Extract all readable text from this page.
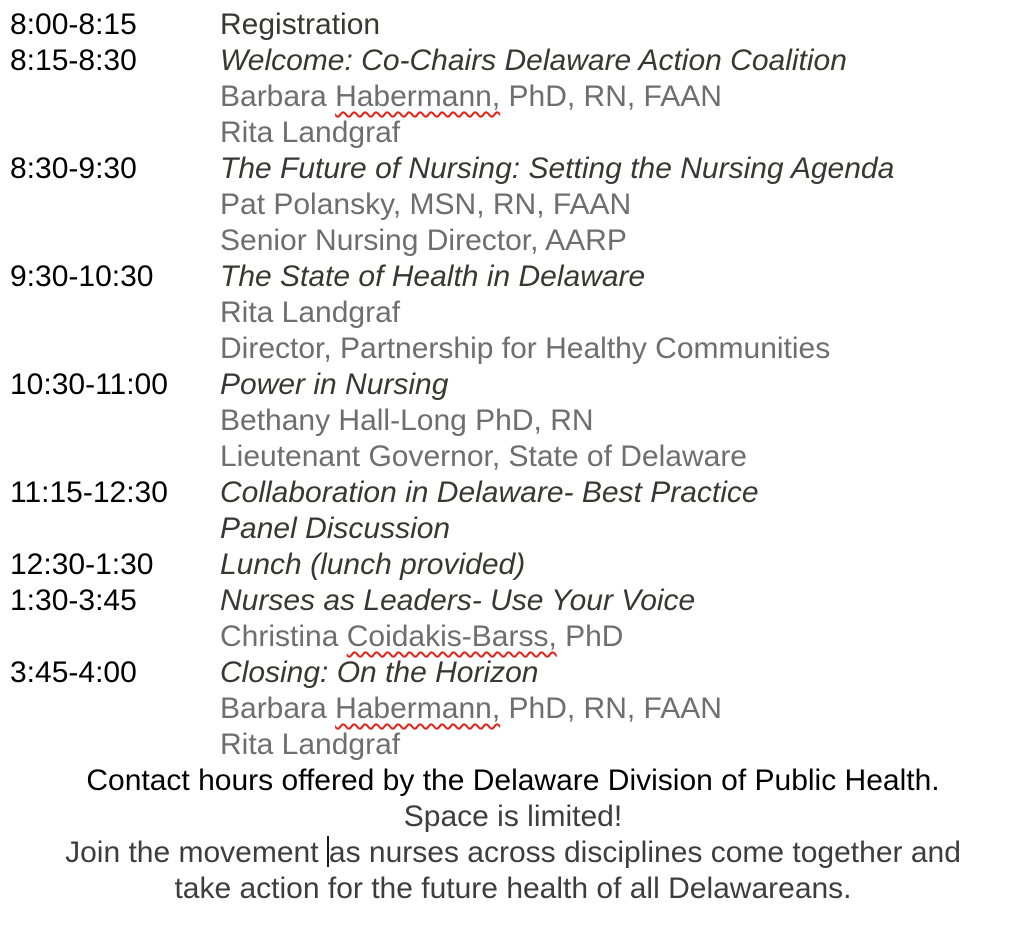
8:00-8:15	Registration
8:15-8:30	Welcome: Co-Chairs Delaware Action Coalition
Barbara Habermann, PhD, RN, FAAN
Rita Landgraf
8:30-9:30	The Future of Nursing: Setting the Nursing Agenda
Pat Polansky, MSN, RN, FAAN
Senior Nursing Director, AARP
9:30-10:30	The State of Health in Delaware
Rita Landgraf
Director, Partnership for Healthy Communities
10:30-11:00	Power in Nursing
Bethany Hall-Long PhD, RN
Lieutenant Governor, State of Delaware
11:15-12:30	Collaboration in Delaware- Best Practice
Panel Discussion
12:30-1:30	Lunch (lunch provided)
1:30-3:45	Nurses as Leaders- Use Your Voice
Christina Coidakis-Barss, PhD
3:45-4:00	Closing: On the Horizon
Barbara Habermann, PhD, RN, FAAN
Rita Landgraf
Contact hours offered by the Delaware Division of Public Health.
Space is limited!
Join the movement as nurses across disciplines come together and
take action for the future health of all Delawareans.
